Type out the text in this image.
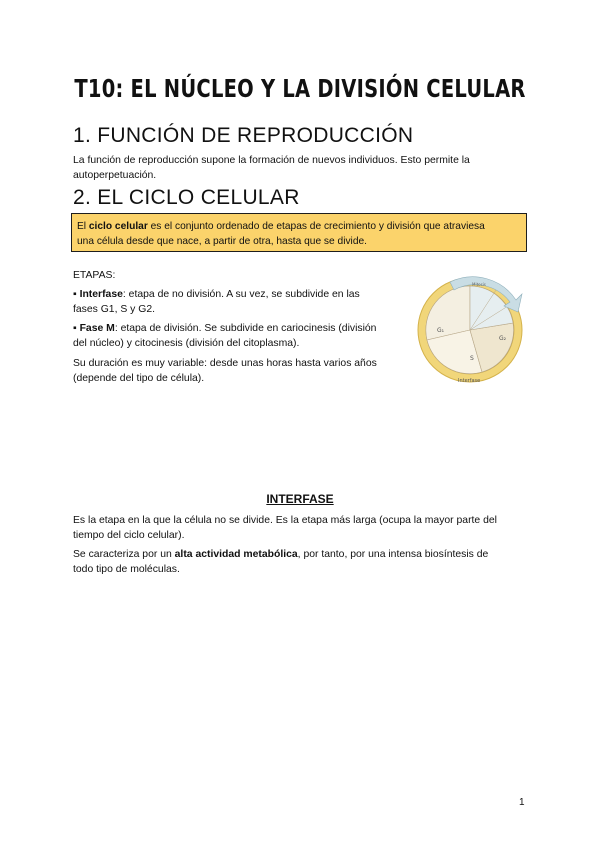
T10: EL NÚCLEO Y LA DIVISIÓN CELULAR
1. FUNCIÓN DE REPRODUCCIÓN
La función de reproducción supone la formación de nuevos individuos. Esto permite la
autoperpetuación.
2. EL CICLO CELULAR
El ciclo celular es el conjunto ordenado de etapas de crecimiento y división que atraviesa
una célula desde que nace, a partir de otra, hasta que se divide.
ETAPAS:
▪ Interfase: etapa de no división. A su vez, se subdivide en las
fases G1, S y G2.
▪ Fase M: etapa de división. Se subdivide en cariocinesis (división
del núcleo) y citocinesis (división del citoplasma).
Su duración es muy variable: desde unas horas hasta varios años
(depende del tipo de célula).
G₁
S
G₂
Interfase
Mitosis
INTERFASE
Es la etapa en la que la célula no se divide. Es la etapa más larga (ocupa la mayor parte del
tiempo del ciclo celular).
Se caracteriza por un alta actividad metabólica, por tanto, por una intensa biosíntesis de
todo tipo de moléculas.
1
